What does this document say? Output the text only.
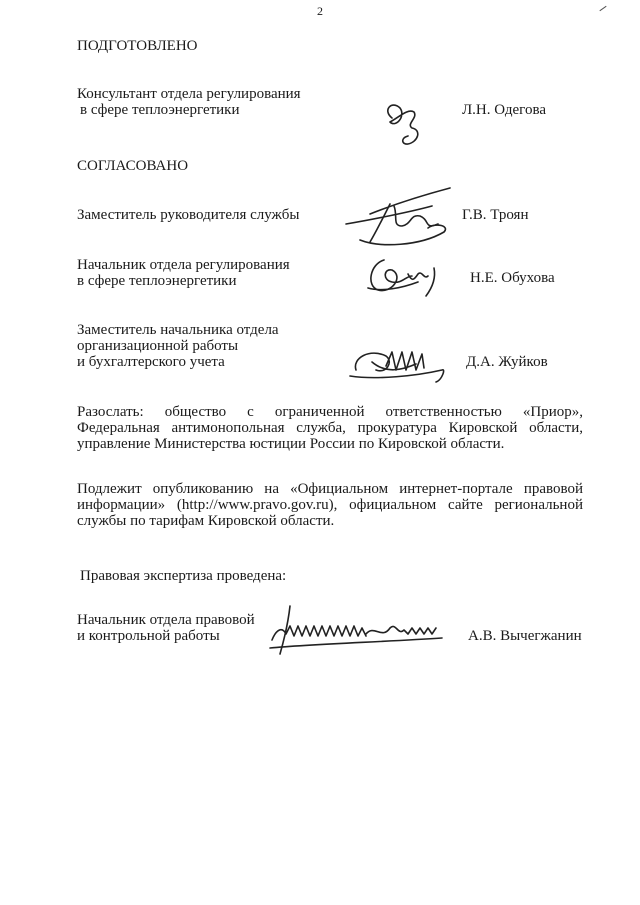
2
ПОДГОТОВЛЕНО
Консультант отдела регулирования
в сфере теплоэнергетики	Л.Н. Одегова
СОГЛАСОВАНО
Заместитель руководителя службы	Г.В. Троян
Начальник отдела регулирования
в сфере теплоэнергетики	Н.Е. Обухова
Заместитель начальника отдела
организационной работы
и бухгалтерского учета	Д.А. Жуйков
Разослать: общество с ограниченной ответственностью «Приор»,
Федеральная антимонопольная служба, прокуратура Кировской области,
управление Министерства юстиции России по Кировской области.
Подлежит опубликованию на «Официальном интернет-портале правовой
информации» (http://www.pravo.gov.ru), официальном сайте региональной
службы по тарифам Кировской области.
Правовая экспертиза проведена:
Начальник отдела правовой
и контрольной работы	А.В. Вычегжанин
